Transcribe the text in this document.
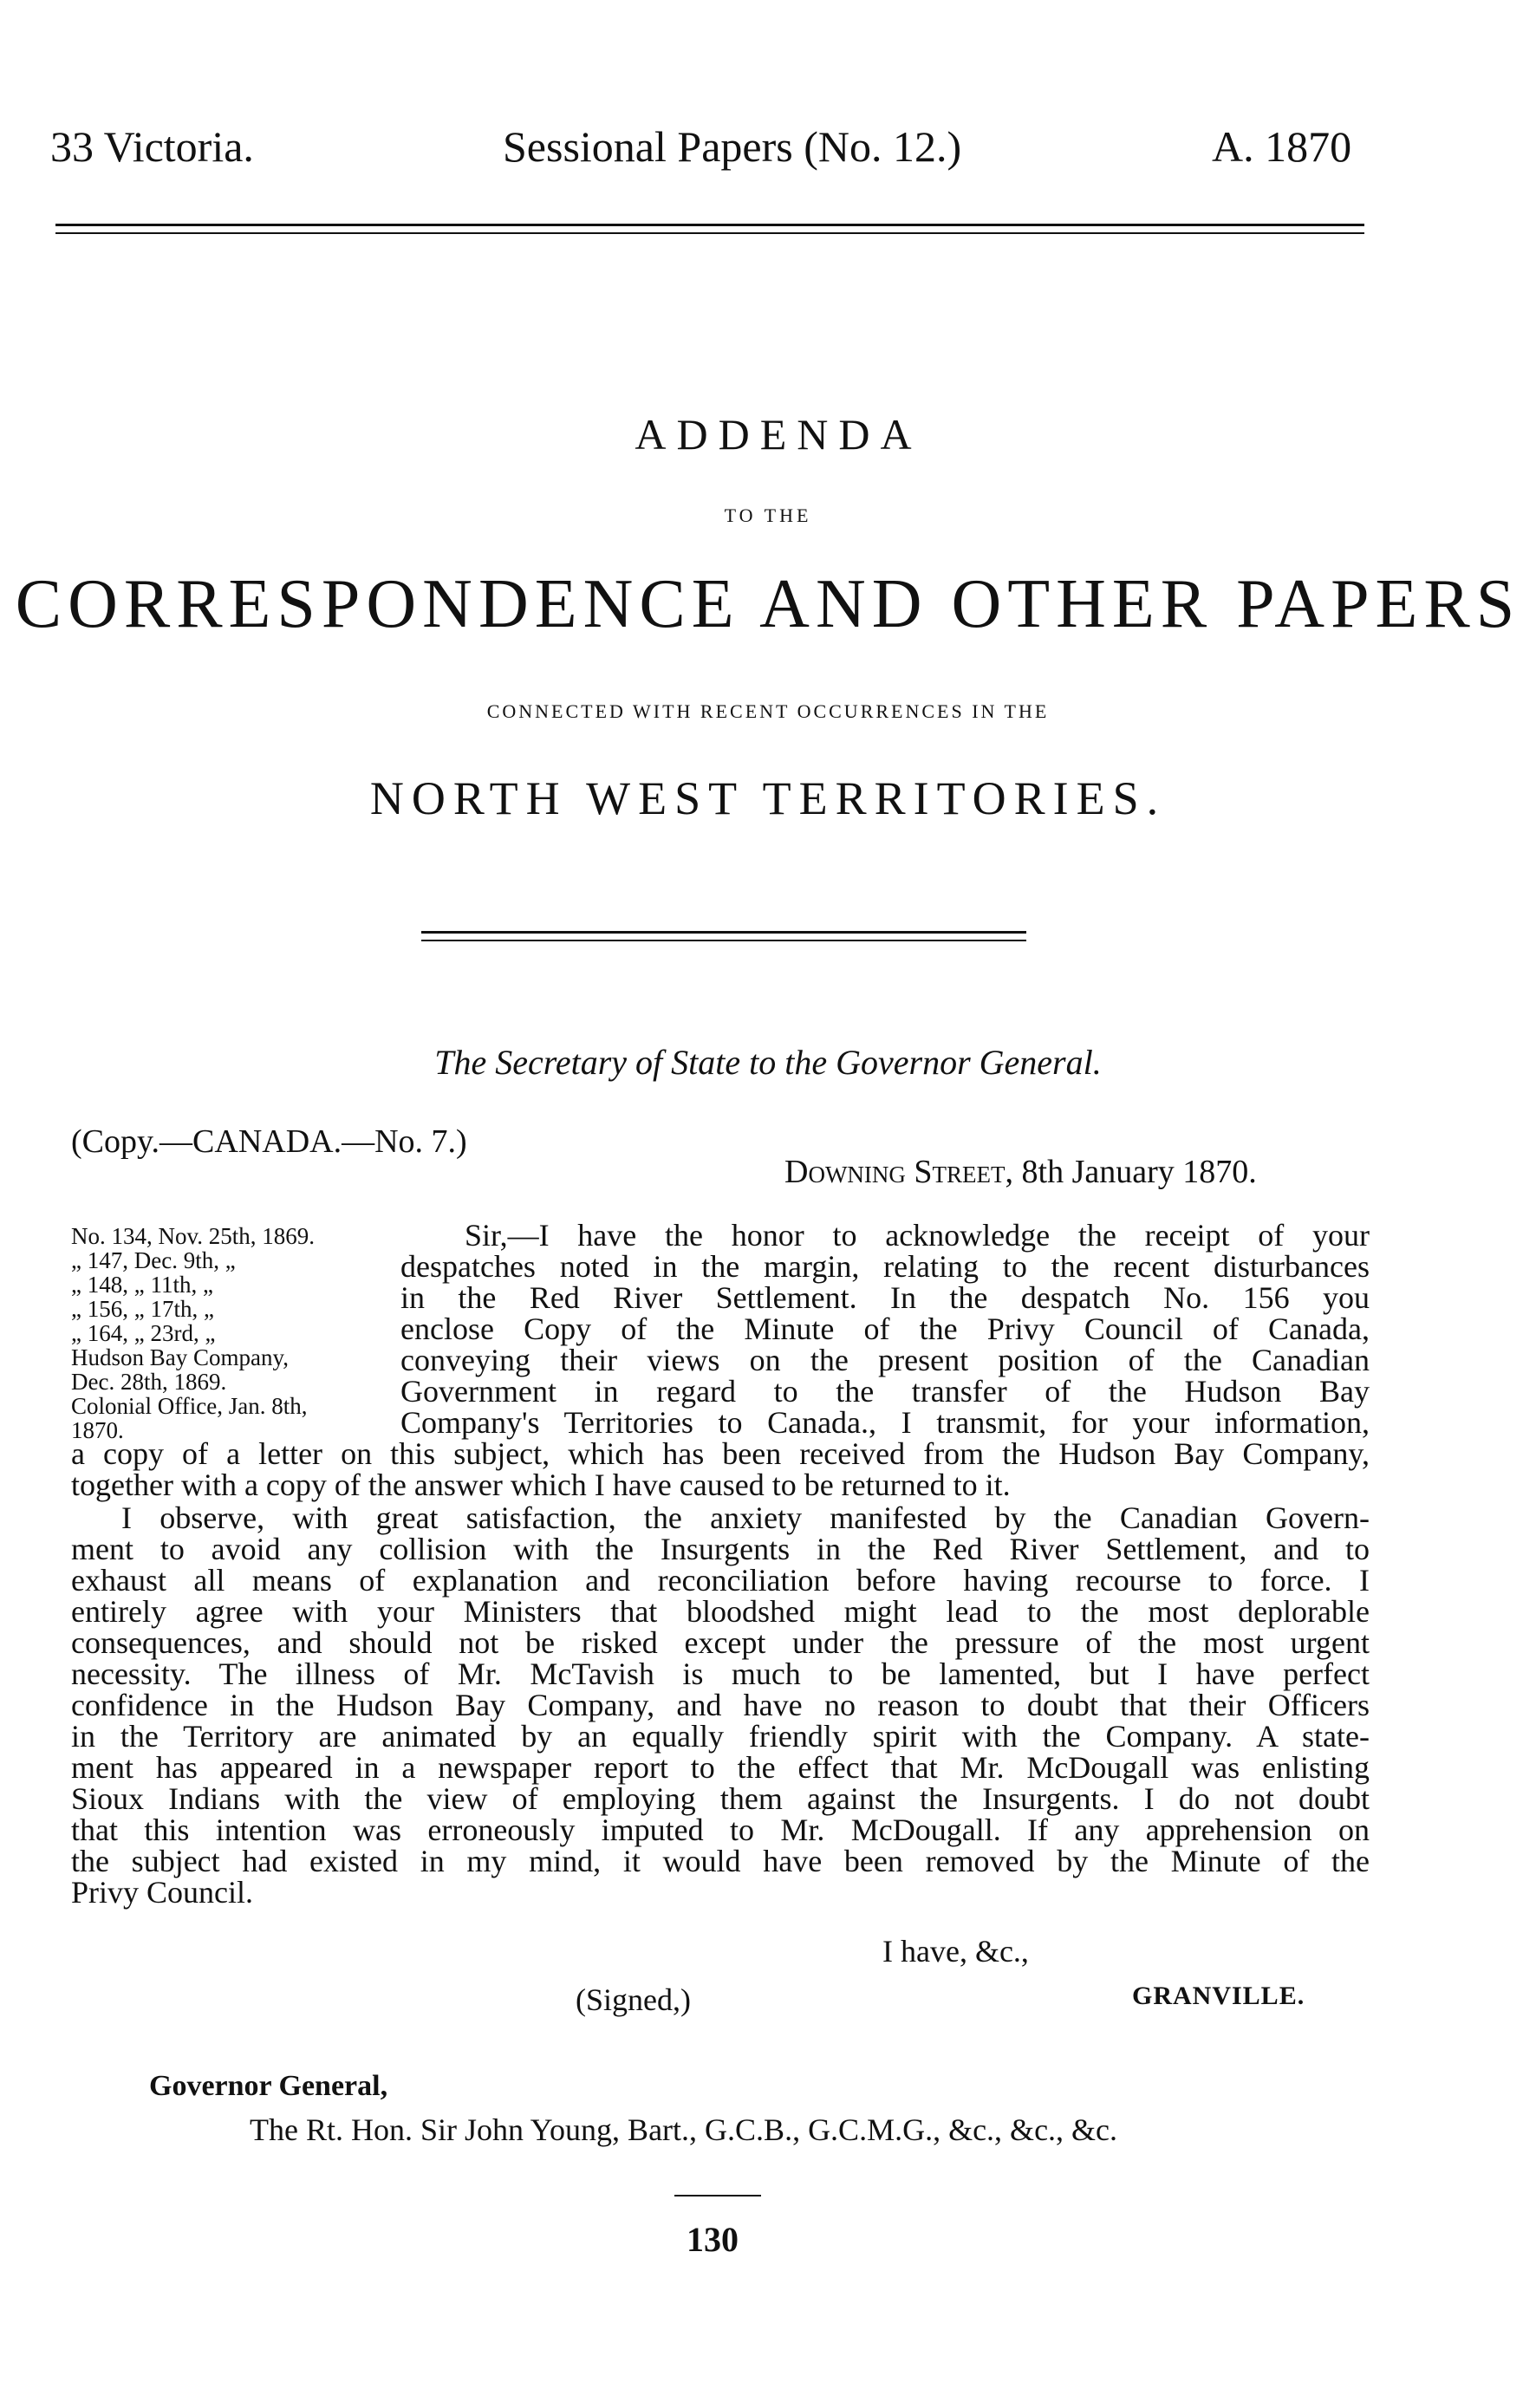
33 Victoria.	Sessional Papers (No. 12.)	A. 1870
ADDENDA
TO THE
CORRESPONDENCE AND OTHER PAPERS
CONNECTED WITH RECENT OCCURRENCES IN THE
NORTH WEST TERRITORIES.
The Secretary of State to the Governor General.
(Copy.—CANADA.—No. 7.)
Downing Street, 8th January 1870.
No. 134, Nov. 25th, 1869.
„ 147, Dec. 9th, „
„ 148, „ 11th, „
„ 156, „ 17th, „
„ 164, „ 23rd, „
Hudson Bay Company,
Dec. 28th, 1869.
Colonial Office, Jan. 8th,
1870.
Sir,—I have the honor to acknowledge the receipt of your
despatches noted in the margin, relating to the recent disturbances
in the Red River Settlement. In the despatch No. 156 you
enclose Copy of the Minute of the Privy Council of Canada,
conveying their views on the present position of the Canadian
Government in regard to the transfer of the Hudson Bay
Company's Territories to Canada., I transmit, for your information,
a copy of a letter on this subject, which has been received from the Hudson Bay Company,
together with a copy of the answer which I have caused to be returned to it.
I observe, with great satisfaction, the anxiety manifested by the Canadian Govern-
ment to avoid any collision with the Insurgents in the Red River Settlement, and to
exhaust all means of explanation and reconciliation before having recourse to force. I
entirely agree with your Ministers that bloodshed might lead to the most deplorable
consequences, and should not be risked except under the pressure of the most urgent
necessity. The illness of Mr. McTavish is much to be lamented, but I have perfect
confidence in the Hudson Bay Company, and have no reason to doubt that their Officers
in the Territory are animated by an equally friendly spirit with the Company. A state-
ment has appeared in a newspaper report to the effect that Mr. McDougall was enlisting
Sioux Indians with the view of employing them against the Insurgents. I do not doubt
that this intention was erroneously imputed to Mr. McDougall. If any apprehension on
the subject had existed in my mind, it would have been removed by the Minute of the
Privy Council.
I have, &c.,
(Signed,)	GRANVILLE.
Governor General,
The Rt. Hon. Sir John Young, Bart., G.C.B., G.C.M.G., &c., &c., &c.
130
